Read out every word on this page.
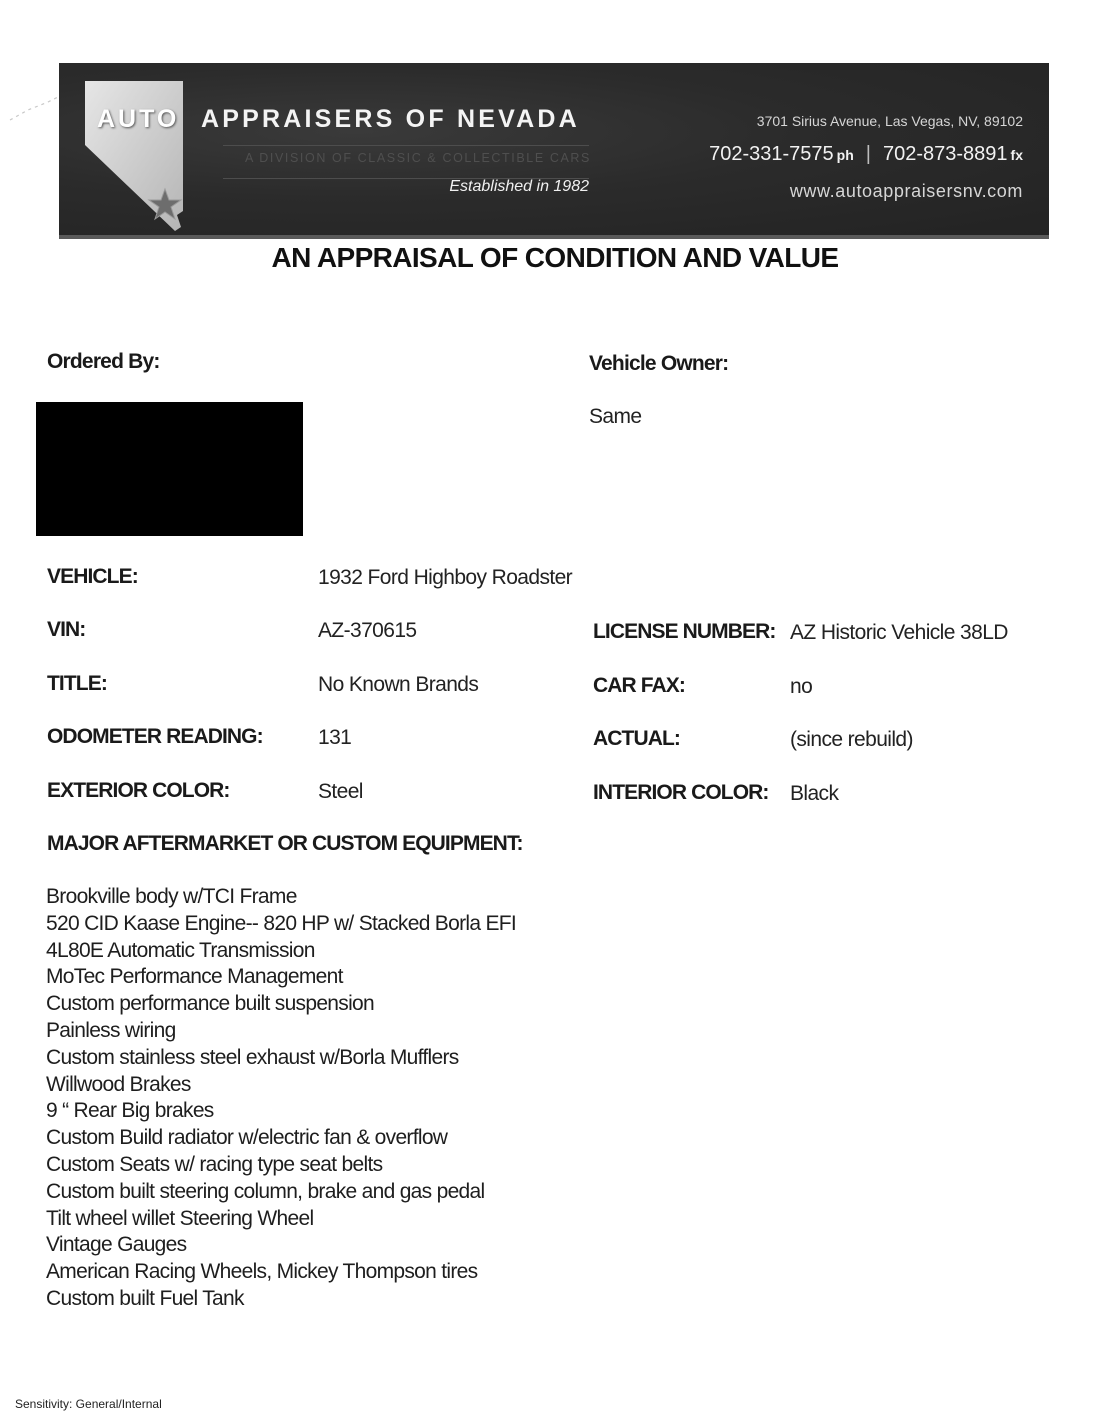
AUTO APPRAISERS OF NEVADA
A DIVISION OF CLASSIC & COLLECTIBLE CARS
Established in 1982
3701 Sirius Avenue, Las Vegas, NV, 89102
702-331-7575 ph | 702-873-8891 fx
www.autoappraisersnv.com
AN APPRAISAL OF CONDITION AND VALUE
Ordered By:	Vehicle Owner:
Same
VEHICLE:	1932 Ford Highboy Roadster
VIN:	AZ-370615	LICENSE NUMBER: AZ Historic Vehicle 38LD
TITLE:	No Known Brands	CAR FAX:	no
ODOMETER READING:	131	ACTUAL:	(since rebuild)
EXTERIOR COLOR:	Steel	INTERIOR COLOR: Black
MAJOR AFTERMARKET OR CUSTOM EQUIPMENT:
Brookville body w/TCI Frame
520 CID Kaase Engine-- 820 HP w/ Stacked Borla EFI
4L80E Automatic Transmission
MoTec Performance Management
Custom performance built suspension
Painless wiring
Custom stainless steel exhaust w/Borla Mufflers
Willwood Brakes
9 “ Rear Big brakes
Custom Build radiator w/electric fan & overflow
Custom Seats w/ racing type seat belts
Custom built steering column, brake and gas pedal
Tilt wheel willet Steering Wheel
Vintage Gauges
American Racing Wheels, Mickey Thompson tires
Custom built Fuel Tank
Sensitivity: General/Internal
